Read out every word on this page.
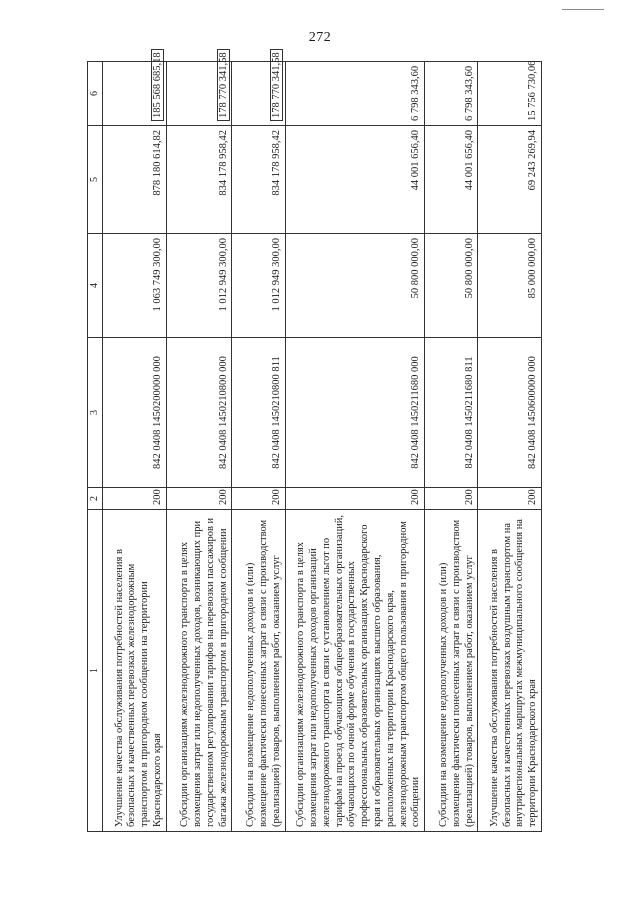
272
1	2	3	4	5	6
Улучшение качества обслуживания потребностей населения в безопасных и качественных перевозках железнодорожным транспортом в пригородном сообщении на территории Краснодарского края	200	842 0408 1450200000 000	1 063 749 300,00	878 180 614,82	185 568 685,18
Субсидии организациям железнодорожного транспорта в целях возмещения затрат или недополученных доходов, возникающих при государственном регулировании тарифов на перевозки пассажиров и багажа железнодорожным транспортом в пригородном сообщении	200	842 0408 1450210800 000	1 012 949 300,00	834 178 958,42	178 770 341,58
Субсидии на возмещение недополученных доходов и (или) возмещение фактически понесенных затрат в связи с производством (реализацией) товаров, выполнением работ, оказанием услуг	200	842 0408 1450210800 811	1 012 949 300,00	834 178 958,42	178 770 341,58
Субсидии организациям железнодорожного транспорта в целях возмещения затрат или недополученных доходов организаций железнодорожного транспорта в связи с установлением льгот по тарифам на проезд обучающихся общеобразовательных организаций, обучающихся по очной форме обучения в государственных профессиональных образовательных организациях Краснодарского края и образовательных организациях высшего образования, расположенных на территории Краснодарского края, железнодорожным транспортом общего пользования в пригородном сообщении	200	842 0408 1450211680 000	50 800 000,00	44 001 656,40	6 798 343,60
Субсидии на возмещение недополученных доходов и (или) возмещение фактически понесенных затрат в связи с производством (реализацией) товаров, выполнением работ, оказанием услуг	200	842 0408 1450211680 811	50 800 000,00	44 001 656,40	6 798 343,60
Улучшение качества обслуживания потребностей населения в безопасных и качественных перевозках воздушным транспортом на внутрирегиональных маршрутах межмуниципального сообщения на территории Краснодарского края	200	842 0408 1450600000 000	85 000 000,00	69 243 269,94	15 756 730,06
